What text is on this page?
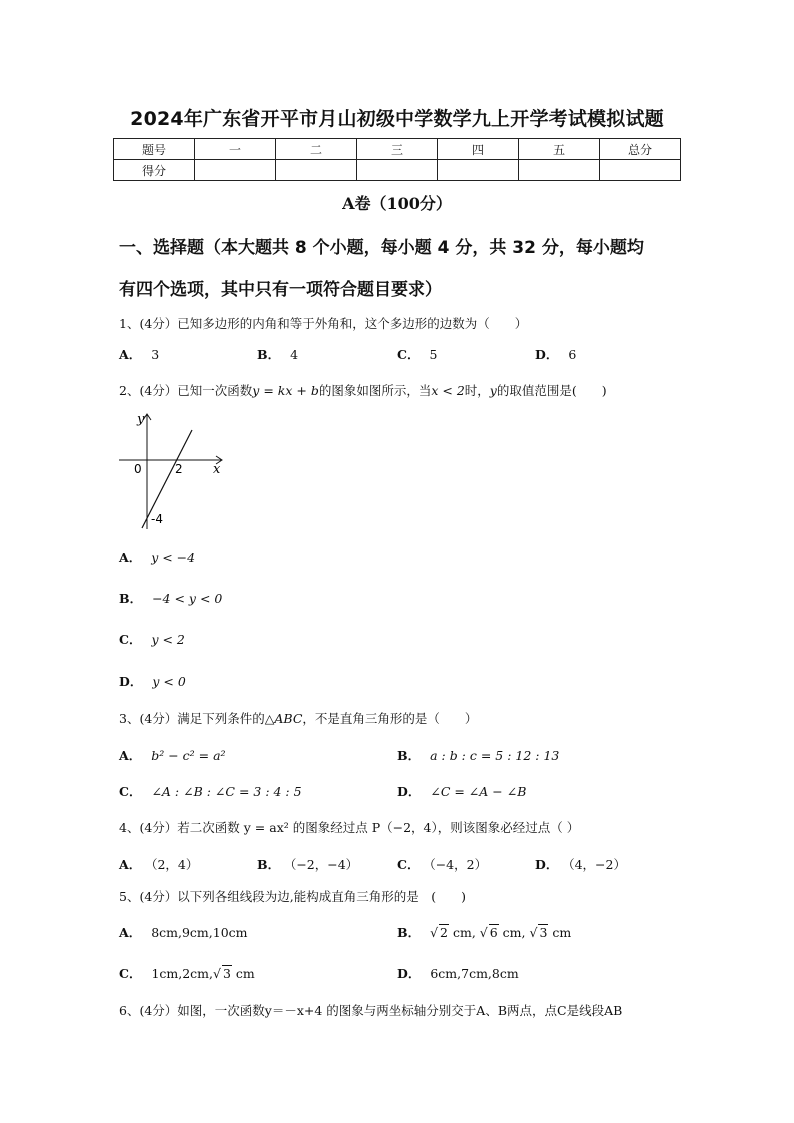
2024年广东省开平市月山初级中学数学九上开学考试模拟试题
题号	一	二	三	四	五	总分
得分						
A卷（100分）
一、选择题（本大题共 8 个小题，每小题 4 分，共 32 分，每小题均
有四个选项，其中只有一项符合题目要求）
1、(4分）已知多边形的内角和等于外角和，这个多边形的边数为（　　）
A． 3	B． 4	C． 5	D． 6
2、(4分）已知一次函数y = kx + b的图象如图所示，当x < 2时，y的取值范围是(　　)
y
x
0	2
-4
A． y < −4
B． −4 < y < 0
C． y < 2
D． y < 0
3、(4分）满足下列条件的△ABC，不是直角三角形的是（　　）
A． b² − c² = a²	B． a : b : c = 5 : 12 : 13
C． ∠A : ∠B : ∠C = 3 : 4 : 5	D． ∠C = ∠A − ∠B
4、(4分）若二次函数 y = ax² 的图象经过点 P（−2，4），则该图象必经过点（ ）
A． （2，4）	B． （−2，−4）	C． （−4，2）	D． （4，−2）
5、(4分）以下列各组线段为边,能构成直角三角形的是　(　　)
A． 8cm,9cm,10cm	B． √ 2 cm, √ 6 cm, √ 3 cm
C． 1cm,2cm,√ 3 cm	D． 6cm,7cm,8cm
6、(4分）如图，一次函数y＝－x+4 的图象与两坐标轴分别交于A、B两点，点C是线段AB
